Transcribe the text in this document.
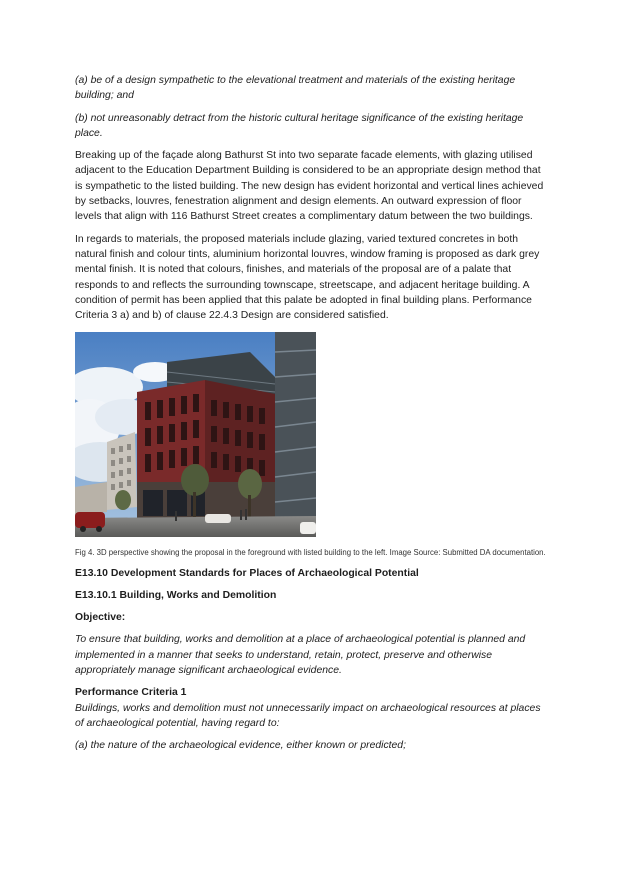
(a) be of a design sympathetic to the elevational treatment and materials of the existing heritage building; and

(b) not unreasonably detract from the historic cultural heritage significance of the existing heritage place.

Breaking up of the façade along Bathurst St into two separate facade elements, with glazing utilised adjacent to the Education Department Building is considered to be an appropriate design method that is sympathetic to the listed building. The new design has evident horizontal and vertical lines achieved by setbacks, louvres, fenestration alignment and design elements. An outward expression of floor levels that align with 116 Bathurst Street creates a complimentary datum between the two buildings.

In regards to materials, the proposed materials include glazing, varied textured concretes in both natural finish and colour tints, aluminium horizontal louvres, window framing is proposed as dark grey mental finish. It is noted that colours, finishes, and materials of the proposal are of a palate that responds to and reflects the surrounding townscape, streetscape, and adjacent heritage building. A condition of permit has been applied that this palate be adopted in final building plans. Performance Criteria 3 a) and b) of clause 22.4.3 Design are considered satisfied.

Fig 4. 3D perspective showing the proposal in the foreground with listed building to the left. Image Source: Submitted DA documentation.

E13.10 Development Standards for Places of Archaeological Potential

E13.10.1 Building, Works and Demolition

Objective:

To ensure that building, works and demolition at a place of archaeological potential is planned and implemented in a manner that seeks to understand, retain, protect, preserve and otherwise appropriately manage significant archaeological evidence.

Performance Criteria 1

Buildings, works and demolition must not unnecessarily impact on archaeological resources at places of archaeological potential, having regard to:

(a) the nature of the archaeological evidence, either known or predicted;
